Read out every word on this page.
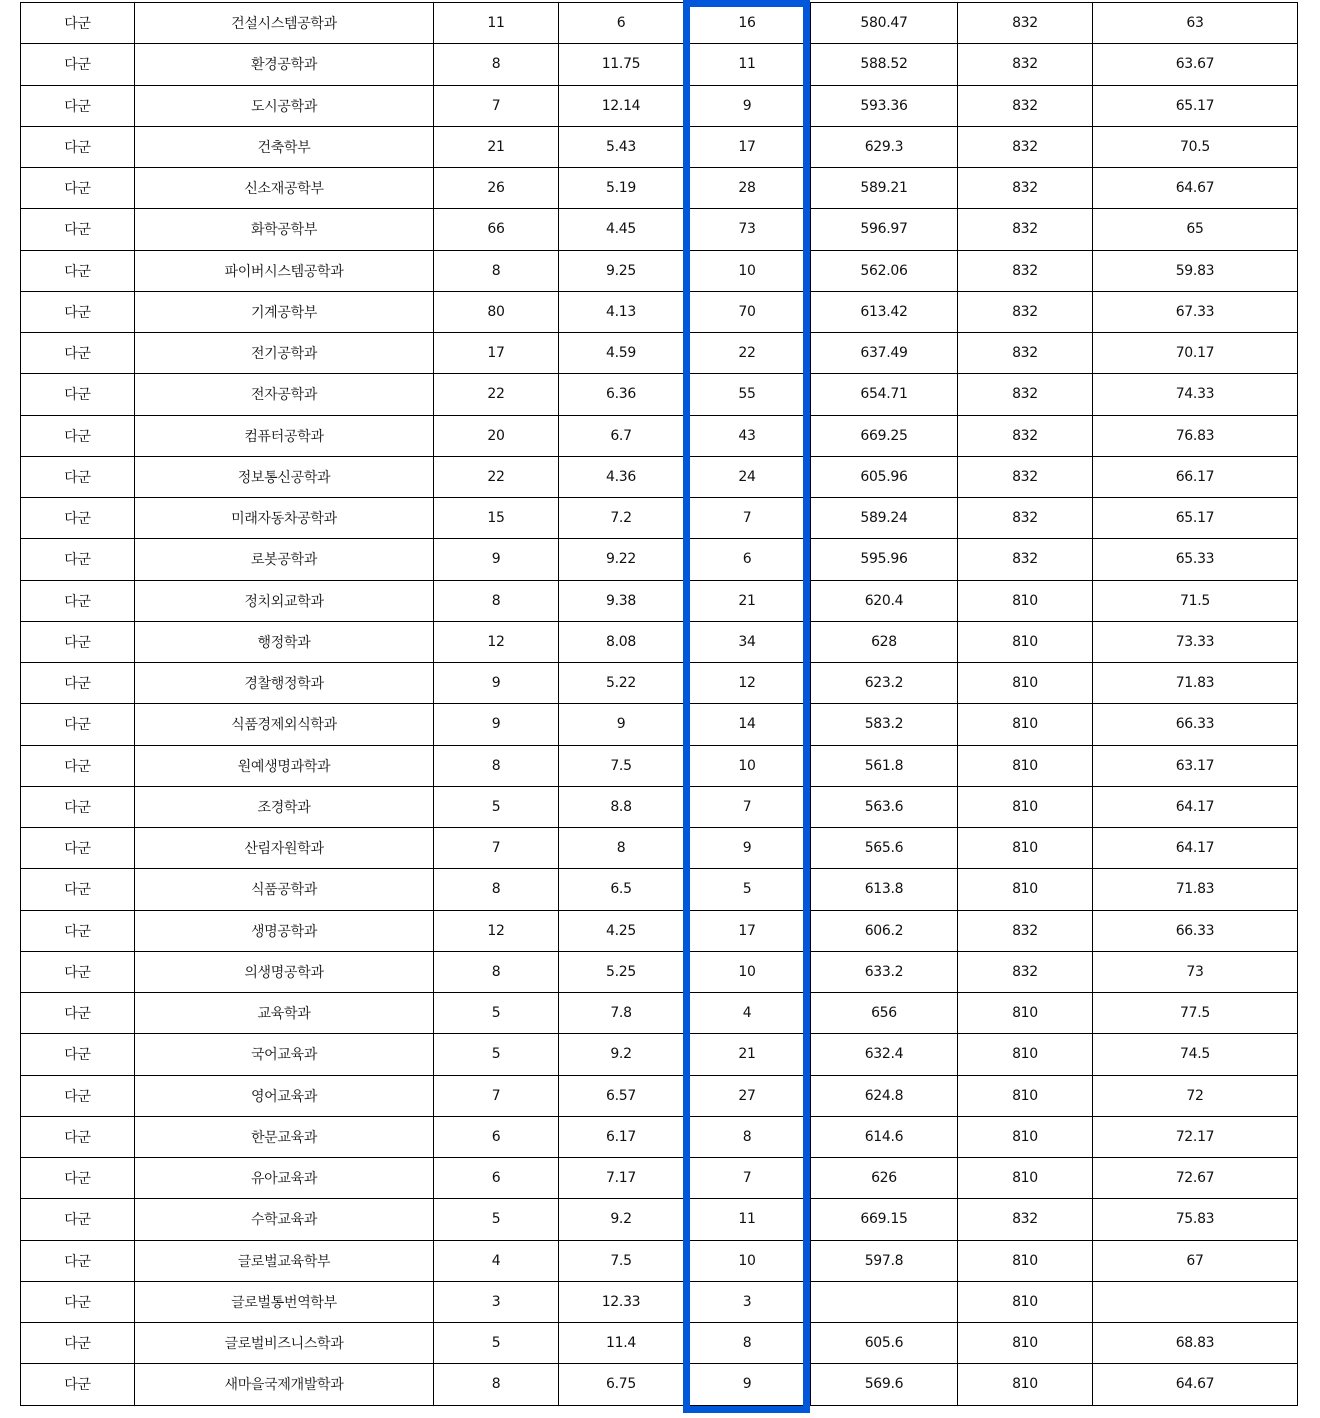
다군	건설시스템공학과	11	6	16	580.47	832	63
다군	환경공학과	8	11.75	11	588.52	832	63.67
다군	도시공학과	7	12.14	9	593.36	832	65.17
다군	건축학부	21	5.43	17	629.3	832	70.5
다군	신소재공학부	26	5.19	28	589.21	832	64.67
다군	화학공학부	66	4.45	73	596.97	832	65
다군	파이버시스템공학과	8	9.25	10	562.06	832	59.83
다군	기계공학부	80	4.13	70	613.42	832	67.33
다군	전기공학과	17	4.59	22	637.49	832	70.17
다군	전자공학과	22	6.36	55	654.71	832	74.33
다군	컴퓨터공학과	20	6.7	43	669.25	832	76.83
다군	정보통신공학과	22	4.36	24	605.96	832	66.17
다군	미래자동차공학과	15	7.2	7	589.24	832	65.17
다군	로봇공학과	9	9.22	6	595.96	832	65.33
다군	정치외교학과	8	9.38	21	620.4	810	71.5
다군	행정학과	12	8.08	34	628	810	73.33
다군	경찰행정학과	9	5.22	12	623.2	810	71.83
다군	식품경제외식학과	9	9	14	583.2	810	66.33
다군	원예생명과학과	8	7.5	10	561.8	810	63.17
다군	조경학과	5	8.8	7	563.6	810	64.17
다군	산림자원학과	7	8	9	565.6	810	64.17
다군	식품공학과	8	6.5	5	613.8	810	71.83
다군	생명공학과	12	4.25	17	606.2	832	66.33
다군	의생명공학과	8	5.25	10	633.2	832	73
다군	교육학과	5	7.8	4	656	810	77.5
다군	국어교육과	5	9.2	21	632.4	810	74.5
다군	영어교육과	7	6.57	27	624.8	810	72
다군	한문교육과	6	6.17	8	614.6	810	72.17
다군	유아교육과	6	7.17	7	626	810	72.67
다군	수학교육과	5	9.2	11	669.15	832	75.83
다군	글로벌교육학부	4	7.5	10	597.8	810	67
다군	글로벌통번역학부	3	12.33	3		810	
다군	글로벌비즈니스학과	5	11.4	8	605.6	810	68.83
다군	새마을국제개발학과	8	6.75	9	569.6	810	64.67
